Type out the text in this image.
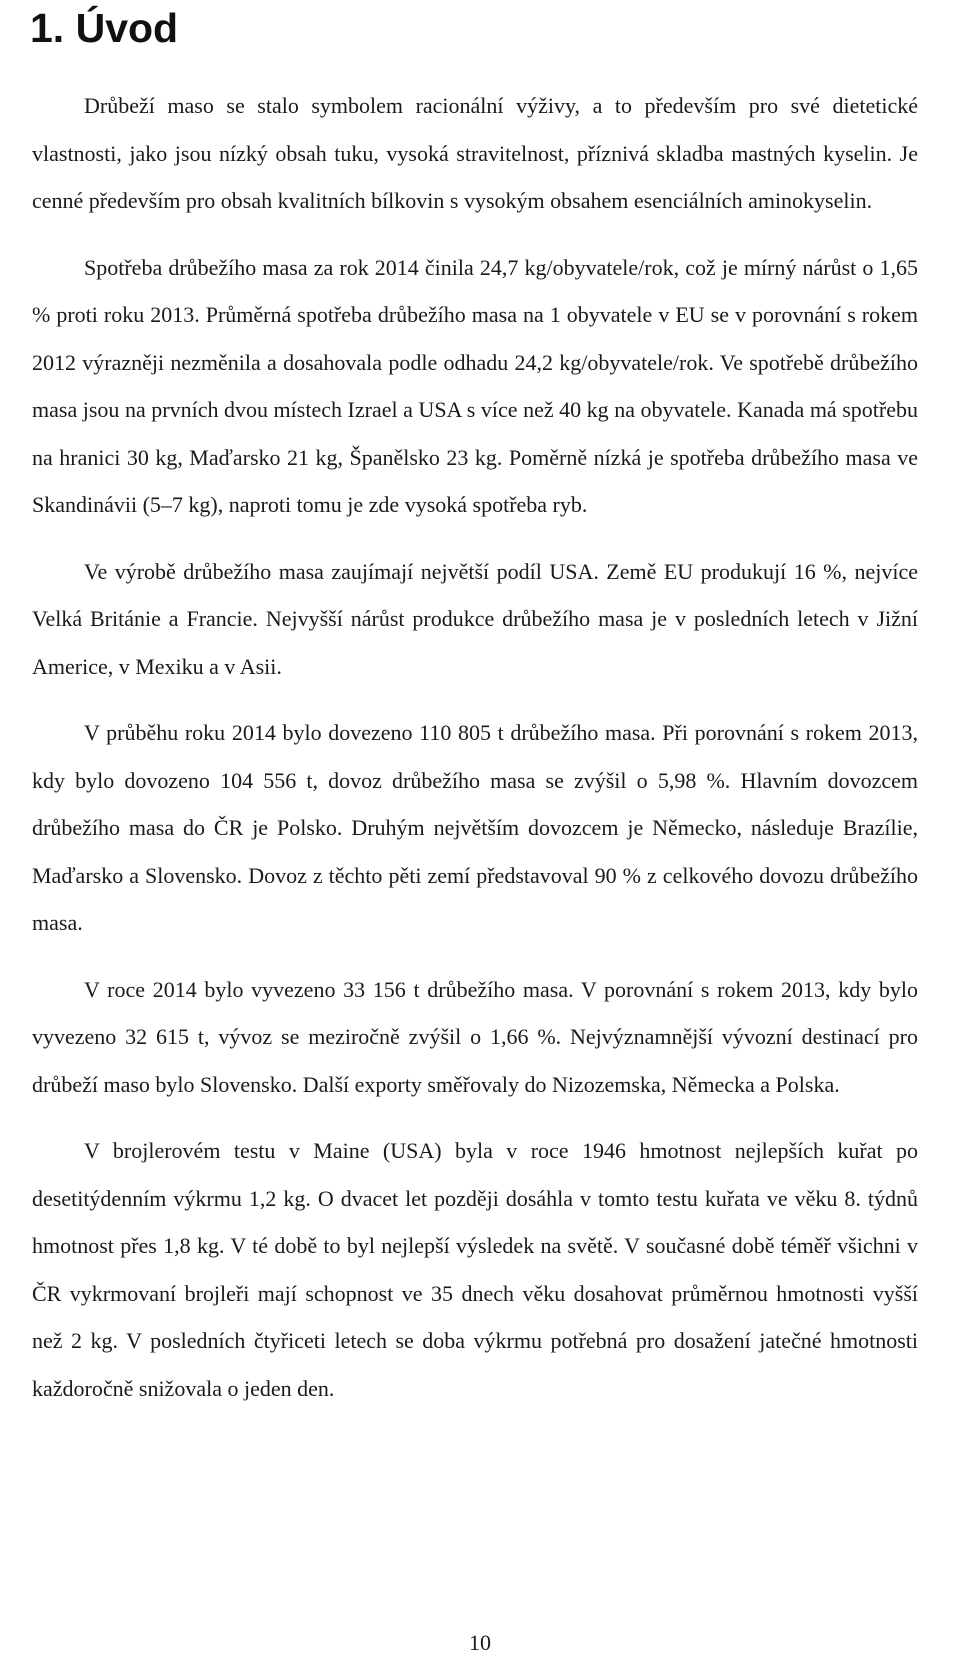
1. Úvod

Drůbeží maso se stalo symbolem racionální výživy, a to především pro své dietetické vlastnosti, jako jsou nízký obsah tuku, vysoká stravitelnost, příznivá skladba mastných kyselin. Je cenné především pro obsah kvalitních bílkovin s vysokým obsahem esenciálních aminokyselin.

Spotřeba drůbežího masa za rok 2014 činila 24,7 kg/obyvatele/rok, což je mírný nárůst o 1,65 % proti roku 2013. Průměrná spotřeba drůbežího masa na 1 obyvatele v EU se v porovnání s rokem 2012 výrazněji nezměnila a dosahovala podle odhadu 24,2 kg/obyvatele/rok. Ve spotřebě drůbežího masa jsou na prvních dvou místech Izrael a USA s více než 40 kg na obyvatele. Kanada má spotřebu na hranici 30 kg, Maďarsko 21 kg, Španělsko 23 kg. Poměrně nízká je spotřeba drůbežího masa ve Skandinávii (5–7 kg), naproti tomu je zde vysoká spotřeba ryb.

Ve výrobě drůbežího masa zaujímají největší podíl USA. Země EU produkují 16 %, nejvíce Velká Británie a Francie. Nejvyšší nárůst produkce drůbežího masa je v posledních letech v Jižní Americe, v Mexiku a v Asii.

V průběhu roku 2014 bylo dovezeno 110 805 t drůbežího masa. Při porovnání s rokem 2013, kdy bylo dovozeno 104 556 t, dovoz drůbežího masa se zvýšil o 5,98 %. Hlavním dovozcem drůbežího masa do ČR je Polsko. Druhým největším dovozcem je Německo, následuje Brazílie, Maďarsko a Slovensko. Dovoz z těchto pěti zemí představoval 90 % z celkového dovozu drůbežího masa.

V roce 2014 bylo vyvezeno 33 156 t drůbežího masa. V porovnání s rokem 2013, kdy bylo vyvezeno 32 615 t, vývoz se meziročně zvýšil o 1,66 %. Nejvýznamnější vývozní destinací pro drůbeží maso bylo Slovensko. Další exporty směřovaly do Nizozemska, Německa a Polska.

V brojlerovém testu v Maine (USA) byla v roce 1946 hmotnost nejlepších kuřat po desetitýdenním výkrmu 1,2 kg. O dvacet let později dosáhla v tomto testu kuřata ve věku 8. týdnů hmotnost přes 1,8 kg. V té době to byl nejlepší výsledek na světě. V současné době téměř všichni v ČR vykrmovaní brojleři mají schopnost ve 35 dnech věku dosahovat průměrnou hmotnosti vyšší než 2 kg. V posledních čtyřiceti letech se doba výkrmu potřebná pro dosažení jatečné hmotnosti každoročně snižovala o jeden den.

10
